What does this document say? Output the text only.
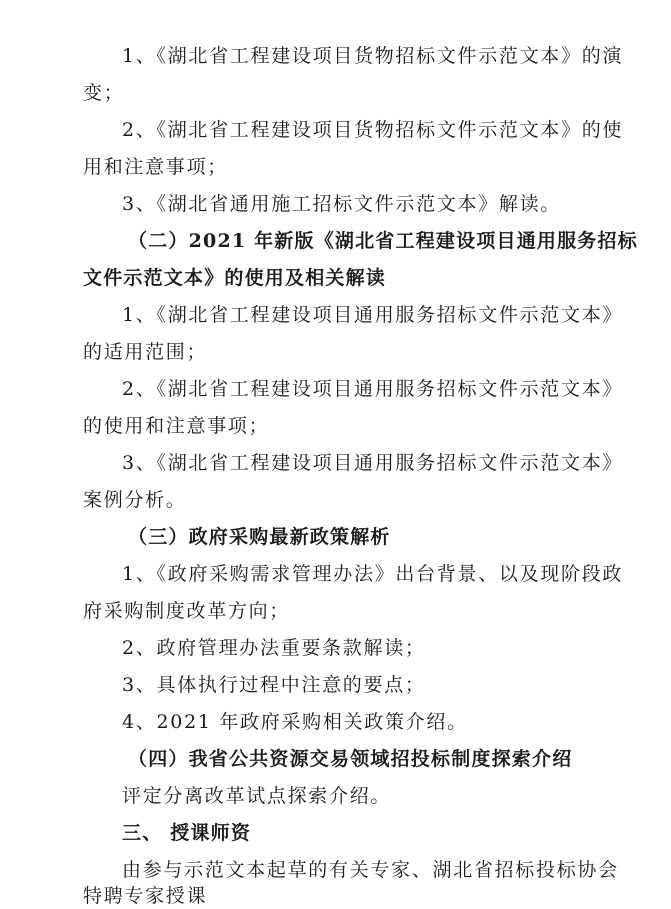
1、《湖北省工程建设项目货物招标文件示范文本》的演
变；
2、《湖北省工程建设项目货物招标文件示范文本》的使
用和注意事项；
3、《湖北省通用施工招标文件示范文本》解读。
（二）2021 年新版《湖北省工程建设项目通用服务招标
文件示范文本》的使用及相关解读
1、《湖北省工程建设项目通用服务招标文件示范文本》
的适用范围；
2、《湖北省工程建设项目通用服务招标文件示范文本》
的使用和注意事项；
3、《湖北省工程建设项目通用服务招标文件示范文本》
案例分析。
（三）政府采购最新政策解析
1、《政府采购需求管理办法》出台背景、以及现阶段政
府采购制度改革方向；
2、政府管理办法重要条款解读；
3、具体执行过程中注意的要点；
4、2021 年政府采购相关政策介绍。
（四）我省公共资源交易领域招投标制度探索介绍
评定分离改革试点探索介绍。
三、 授课师资
由参与示范文本起草的有关专家、湖北省招标投标协会
特聘专家授课
